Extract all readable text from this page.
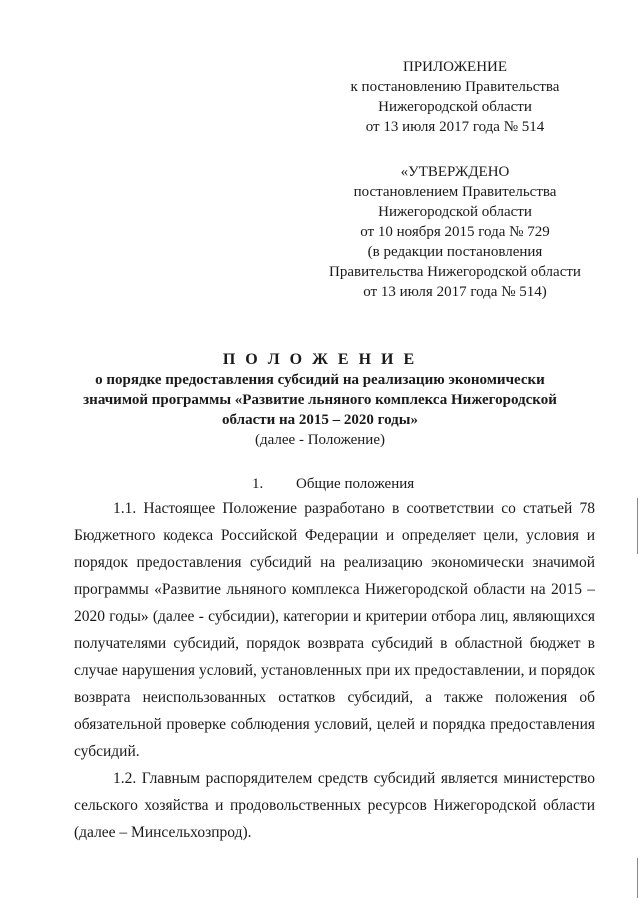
ПРИЛОЖЕНИЕ
к постановлению Правительства
Нижегородской области
от 13 июля 2017 года № 514
«УТВЕРЖДЕНО
постановлением Правительства
Нижегородской области
от 10 ноября 2015 года № 729
(в редакции постановления
Правительства Нижегородской области
от 13 июля 2017 года № 514)
П О Л О Ж Е Н И Е
о порядке предоставления субсидий на реализацию экономически
значимой программы «Развитие льняного комплекса Нижегородской
области на 2015 – 2020 годы»
(далее - Положение)
1. Общие положения
1.1. Настоящее Положение разработано в соответствии со статьей 78
Бюджетного кодекса Российской Федерации и определяет цели, условия и
порядок предоставления субсидий на реализацию экономически значимой
программы «Развитие льняного комплекса Нижегородской области на 2015 –
2020 годы» (далее - субсидии), категории и критерии отбора лиц, являющихся
получателями субсидий, порядок возврата субсидий в областной бюджет в
случае нарушения условий, установленных при их предоставлении, и порядок
возврата неиспользованных остатков субсидий, а также положения об
обязательной проверке соблюдения условий, целей и порядка предоставления
субсидий.
1.2. Главным распорядителем средств субсидий является министерство
сельского хозяйства и продовольственных ресурсов Нижегородской области
(далее – Минсельхозпрод).
